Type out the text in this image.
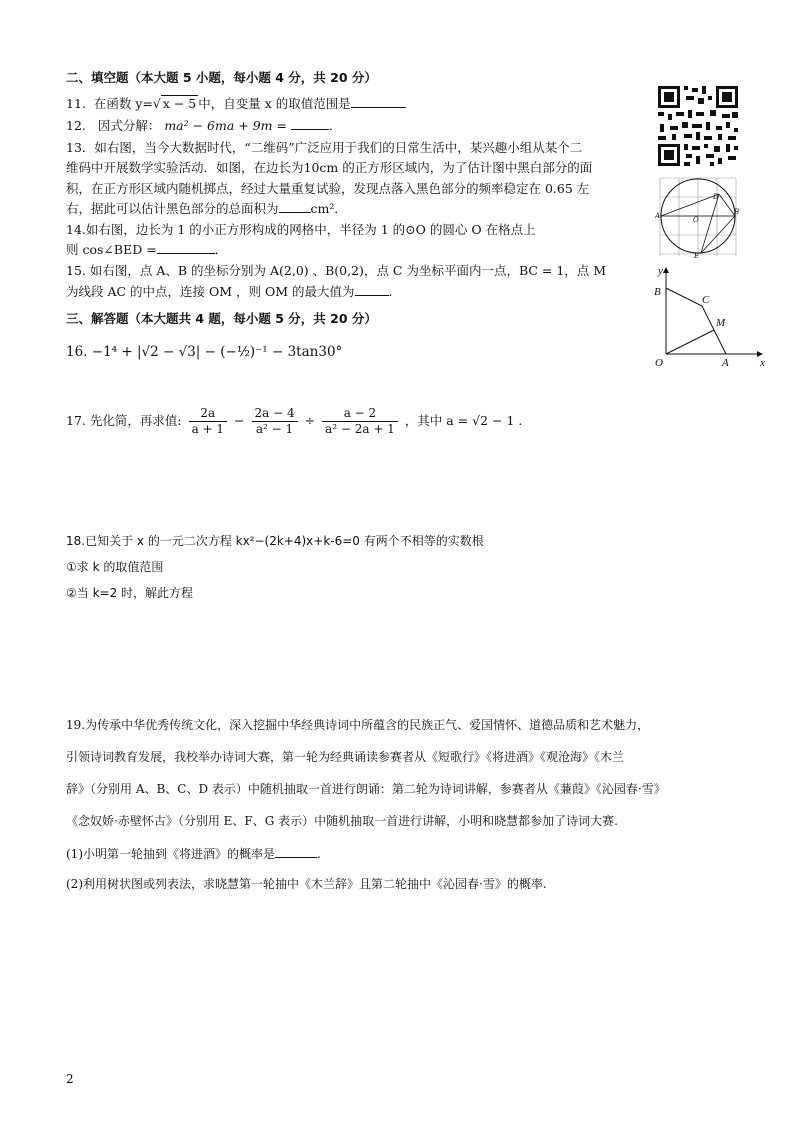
二、填空题（本大题 5 小题，每小题 4 分，共 20 分）
11. 在函数 y=√ x − 5 中，自变量 x 的取值范围是
12. 因式分解： ma² − 6ma + 9m =	．
13．如右图，当今大数据时代，“二维码”广泛应用于我们的日常生活中，某兴趣小组从某个二
维码中开展数学实验活动．如图，在边长为10cm 的正方形区域内，为了估计图中黑白部分的面
积，在正方形区域内随机掷点，经过大量重复试验，发现点落入黑色部分的频率稳定在 0.65 左
右，据此可以估计黑色部分的总面积为	cm²．
14.如右图，边长为 1 的小正方形构成的网格中，半径为 1 的⊙O 的圆心 O 在格点上
则 cos∠BED =	．
15. 如右图，点 A、B 的坐标分别为 A(2,0) 、B(0,2)，点 C 为坐标平面内一点，BC = 1，点 M
为线段 AC 的中点，连接 OM ，则 OM 的最大值为	.
三、解答题（本大题共 4 题，每小题 5 分，共 20 分）
16. −1⁴ + |√2 − √3| − (−½)⁻¹ − 3tan30°
17. 先化简，再求值: $\frac{2a}{a + 1} - \frac{2a - 4}{\text{a² − 1}} \div \frac{a - 2}{\text{a² − 2a + 1}}$ ，其中 a = √2 − 1 .
18.已知关于 x 的一元二次方程 kx²−(2k+4)x+k-6=0 有两个不相等的实数根
①求 k 的取值范围
②当 k=2 时，解此方程
19.为传承中华优秀传统文化，深入挖掘中华经典诗词中所蕴含的民族正气、爱国情怀、道德品质和艺术魅力，
引领诗词教育发展，我校举办诗词大赛，第一轮为经典诵读参赛者从《短歌行》《将进酒》《观沧海》《木兰
辞》（分别用 A、B、C、D 表示）中随机抽取一首进行朗诵：第二轮为诗词讲解，参赛者从《蒹葭》《沁园春·雪》
《念奴娇·赤壁怀古》（分别用 E、F、G 表示）中随机抽取一首进行讲解，小明和晓慧都参加了诗词大赛.
(1)小明第一轮抽到《将进酒》的概率是	.
(2)利用树状图或列表法，求晓慧第一轮抽中《木兰辞》且第二轮抽中《沁园春·雪》的概率.
A	B
D
O
E
y
B
C
M
O	A	x
2
